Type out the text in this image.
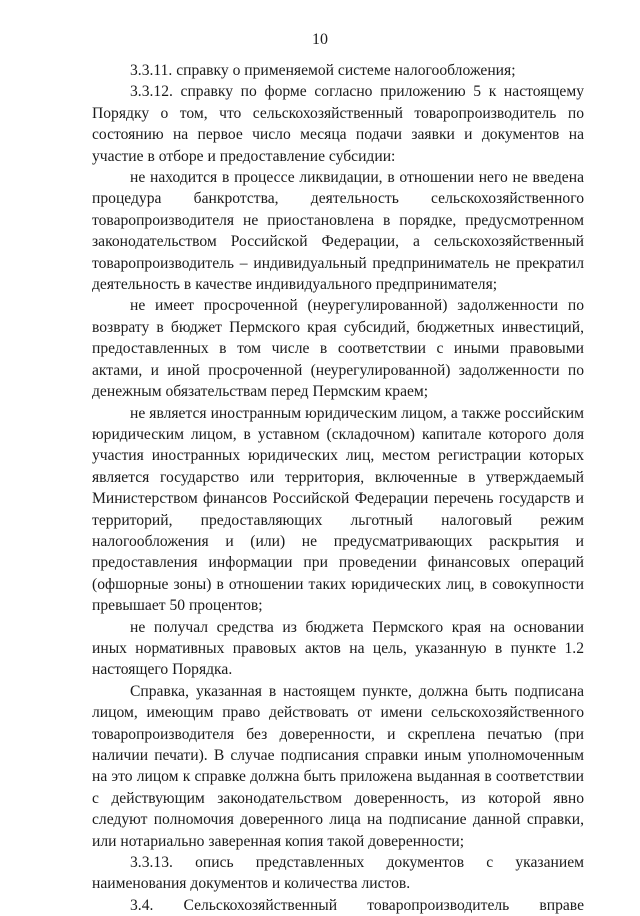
10

3.3.11. справку о применяемой системе налогообложения;

3.3.12. справку по форме согласно приложению 5 к настоящему Порядку о том, что сельскохозяйственный товаропроизводитель по состоянию на первое число месяца подачи заявки и документов на участие в отборе и предоставление субсидии:

не находится в процессе ликвидации, в отношении него не введена процедура банкротства, деятельность сельскохозяйственного товаропроизводителя не приостановлена в порядке, предусмотренном законодательством Российской Федерации, а сельскохозяйственный товаропроизводитель – индивидуальный предприниматель не прекратил деятельность в качестве индивидуального предпринимателя;

не имеет просроченной (неурегулированной) задолженности по возврату в бюджет Пермского края субсидий, бюджетных инвестиций, предоставленных в том числе в соответствии с иными правовыми актами, и иной просроченной (неурегулированной) задолженности по денежным обязательствам перед Пермским краем;

не является иностранным юридическим лицом, а также российским юридическим лицом, в уставном (складочном) капитале которого доля участия иностранных юридических лиц, местом регистрации которых является государство или территория, включенные в утверждаемый Министерством финансов Российской Федерации перечень государств и территорий, предоставляющих льготный налоговый режим налогообложения и (или) не предусматривающих раскрытия и предоставления информации при проведении финансовых операций (офшорные зоны) в отношении таких юридических лиц, в совокупности превышает 50 процентов;

не получал средства из бюджета Пермского края на основании иных нормативных правовых актов на цель, указанную в пункте 1.2 настоящего Порядка.

Справка, указанная в настоящем пункте, должна быть подписана лицом, имеющим право действовать от имени сельскохозяйственного товаропроизводителя без доверенности, и скреплена печатью (при наличии печати). В случае подписания справки иным уполномоченным на это лицом к справке должна быть приложена выданная в соответствии с действующим законодательством доверенность, из которой явно следуют полномочия доверенного лица на подписание данной справки, или нотариально заверенная копия такой доверенности;

3.3.13. опись представленных документов с указанием наименования документов и количества листов.

3.4. Сельскохозяйственный товаропроизводитель вправе
